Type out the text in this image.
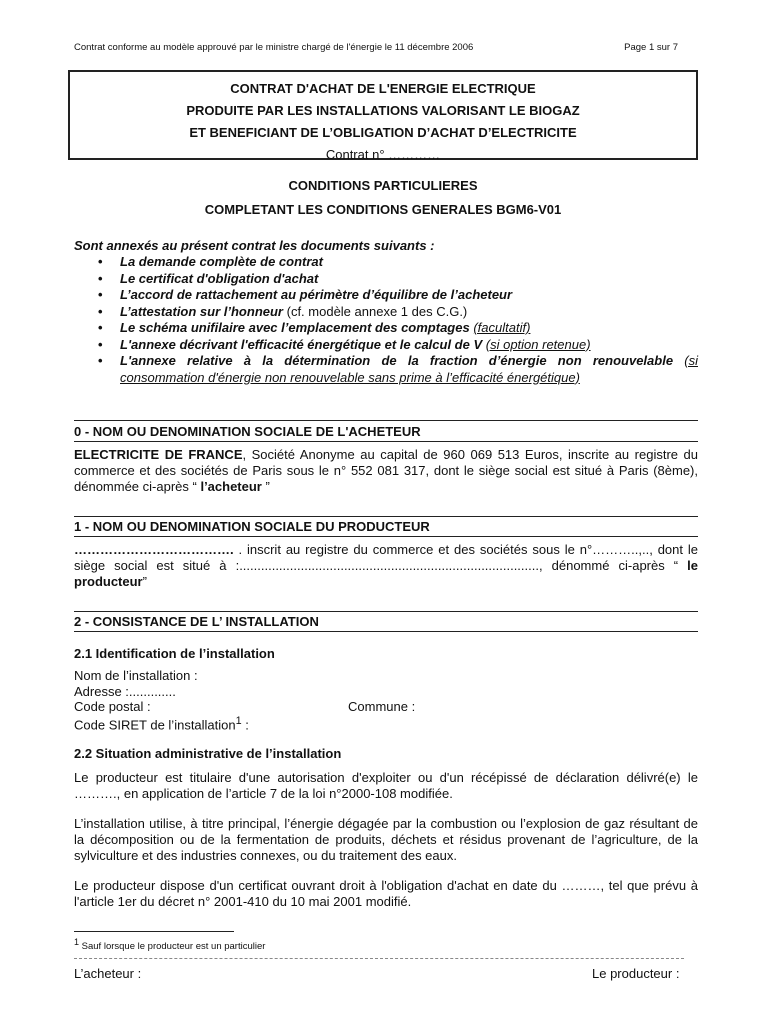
Contrat conforme au modèle approuvé par le ministre chargé de l'énergie le 11 décembre 2006	Page 1 sur 7
CONTRAT D'ACHAT DE L'ENERGIE ELECTRIQUE
PRODUITE PAR LES INSTALLATIONS VALORISANT LE BIOGAZ
ET BENEFICIANT DE L’OBLIGATION D’ACHAT D’ELECTRICITE
Contrat n° …………
CONDITIONS PARTICULIERES
COMPLETANT LES CONDITIONS GENERALES BGM6-V01
Sont annexés au présent contrat les documents suivants :
• La demande complète de contrat
• Le certificat d'obligation d'achat
• L’accord de rattachement au périmètre d’équilibre de l’acheteur
• L’attestation sur l’honneur (cf. modèle annexe 1 des C.G.)
• Le schéma unifilaire avec l’emplacement des comptages (facultatif)
• L'annexe décrivant l'efficacité énergétique et le calcul de V (si option retenue)
• L'annexe relative à la détermination de la fraction d’énergie non renouvelable (si consommation d'énergie non renouvelable sans prime à l’efficacité énergétique)
0 - NOM OU DENOMINATION SOCIALE DE L'ACHETEUR
ELECTRICITE DE FRANCE, Société Anonyme au capital de 960 069 513 Euros, inscrite au registre du commerce et des sociétés de Paris sous le n° 552 081 317, dont le siège social est situé à Paris (8ème), dénommée ci-après “ l’acheteur ”
1 - NOM OU DENOMINATION SOCIALE DU PRODUCTEUR
………………………………. . inscrit au registre du commerce et des sociétés sous le n°………..,.., dont le siège social est situé à :..................................................................................., dénommé ci-après “ le producteur”
2 - CONSISTANCE DE L’ INSTALLATION
2.1 Identification de l’installation
Nom de l’installation :
Adresse :.............
Code postal :	Commune :
Code SIRET de l’installation$^1$ :
2.2 Situation administrative de l’installation
Le producteur est titulaire d'une autorisation d'exploiter ou d'un récépissé de déclaration délivré(e) le ………., en application de l’article 7 de la loi n°2000-108 modifiée.
L’installation utilise, à titre principal, l’énergie dégagée par la combustion ou l’explosion de gaz résultant de la décomposition ou de la fermentation de produits, déchets et résidus provenant de l’agriculture, de la sylviculture et des industries connexes, ou du traitement des eaux.
Le producteur dispose d'un certificat ouvrant droit à l'obligation d'achat en date du ………, tel que prévu à l'article 1er du décret n° 2001-410 du 10 mai 2001 modifié.
$^1$ Sauf lorsque le producteur est un particulier
L’acheteur :	Le producteur :
